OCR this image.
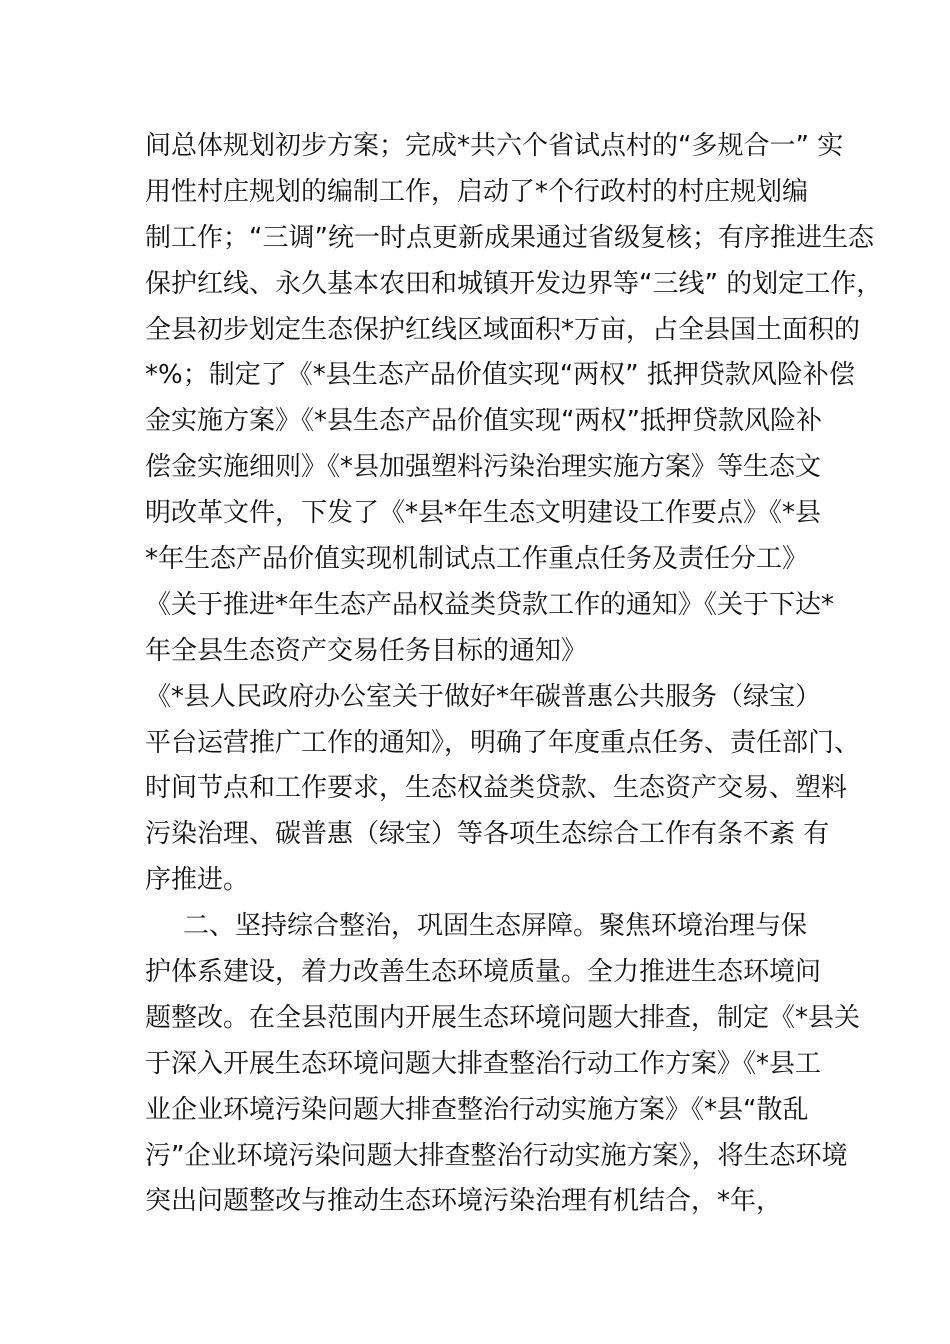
间总体规划初步方案；完成*共六个省试点村的“多规合一” 实
用性村庄规划的编制工作，启动了*个行政村的村庄规划编
制工作；“三调”统一时点更新成果通过省级复核；有序推进生态
保护红线、永久基本农田和城镇开发边界等“三线” 的划定工作，
全县初步划定生态保护红线区域面积*万亩，占全县国土面积的
*%；制定了《*县生态产品价值实现“两权” 抵押贷款风险补偿
金实施方案》《*县生态产品价值实现“两权”抵押贷款风险补
偿金实施细则》《*县加强塑料污染治理实施方案》等生态文
明改革文件，下发了《*县*年生态文明建设工作要点》《*县
*年生态产品价值实现机制试点工作重点任务及责任分工》
《关于推进*年生态产品权益类贷款工作的通知》《关于下达*
年全县生态资产交易任务目标的通知》
《*县人民政府办公室关于做好*年碳普惠公共服务（绿宝）
平台运营推广工作的通知》，明确了年度重点任务、责任部门、
时间节点和工作要求，生态权益类贷款、生态资产交易、塑料
污染治理、碳普惠（绿宝）等各项生态综合工作有条不紊 有
序推进。
二、坚持综合整治，巩固生态屏障。聚焦环境治理与保
护体系建设，着力改善生态环境质量。全力推进生态环境问
题整改。在全县范围内开展生态环境问题大排查，制定《*县关
于深入开展生态环境问题大排查整治行动工作方案》《*县工
业企业环境污染问题大排查整治行动实施方案》《*县“散乱
污”企业环境污染问题大排查整治行动实施方案》，将生态环境
突出问题整改与推动生态环境污染治理有机结合，*年，
